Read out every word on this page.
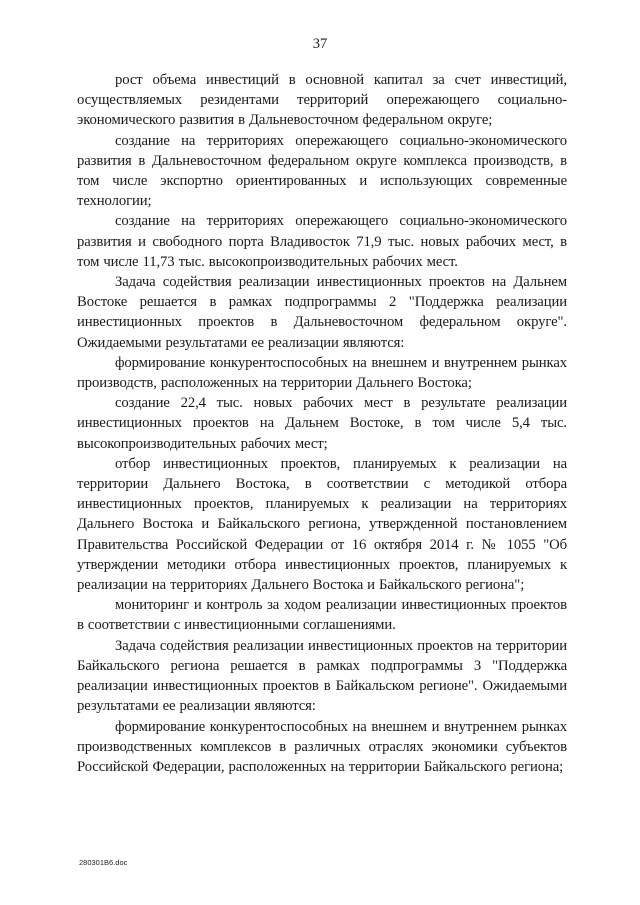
37

рост объема инвестиций в основной капитал за счет инвестиций, осуществляемых резидентами территорий опережающего социально-экономического развития в Дальневосточном федеральном округе;

создание на территориях опережающего социально-экономического развития в Дальневосточном федеральном округе комплекса производств, в том числе экспортно ориентированных и использующих современные технологии;

создание на территориях опережающего социально-экономического развития и свободного порта Владивосток 71,9 тыс. новых рабочих мест, в том числе 11,73 тыс. высокопроизводительных рабочих мест.

Задача содействия реализации инвестиционных проектов на Дальнем Востоке решается в рамках подпрограммы 2 "Поддержка реализации инвестиционных проектов в Дальневосточном федеральном округе". Ожидаемыми результатами ее реализации являются:

формирование конкурентоспособных на внешнем и внутреннем рынках производств, расположенных на территории Дальнего Востока;

создание 22,4 тыс. новых рабочих мест в результате реализации инвестиционных проектов на Дальнем Востоке, в том числе 5,4 тыс. высокопроизводительных рабочих мест;

отбор инвестиционных проектов, планируемых к реализации на территории Дальнего Востока, в соответствии с методикой отбора инвестиционных проектов, планируемых к реализации на территориях Дальнего Востока и Байкальского региона, утвержденной постановлением Правительства Российской Федерации от 16 октября 2014 г. № 1055 "Об утверждении методики отбора инвестиционных проектов, планируемых к реализации на территориях Дальнего Востока и Байкальского региона";

мониторинг и контроль за ходом реализации инвестиционных проектов в соответствии с инвестиционными соглашениями.

Задача содействия реализации инвестиционных проектов на территории Байкальского региона решается в рамках подпрограммы 3 "Поддержка реализации инвестиционных проектов в Байкальском регионе". Ожидаемыми результатами ее реализации являются:

формирование конкурентоспособных на внешнем и внутреннем рынках производственных комплексов в различных отраслях экономики субъектов Российской Федерации, расположенных на территории Байкальского региона;

280301B6.doc
